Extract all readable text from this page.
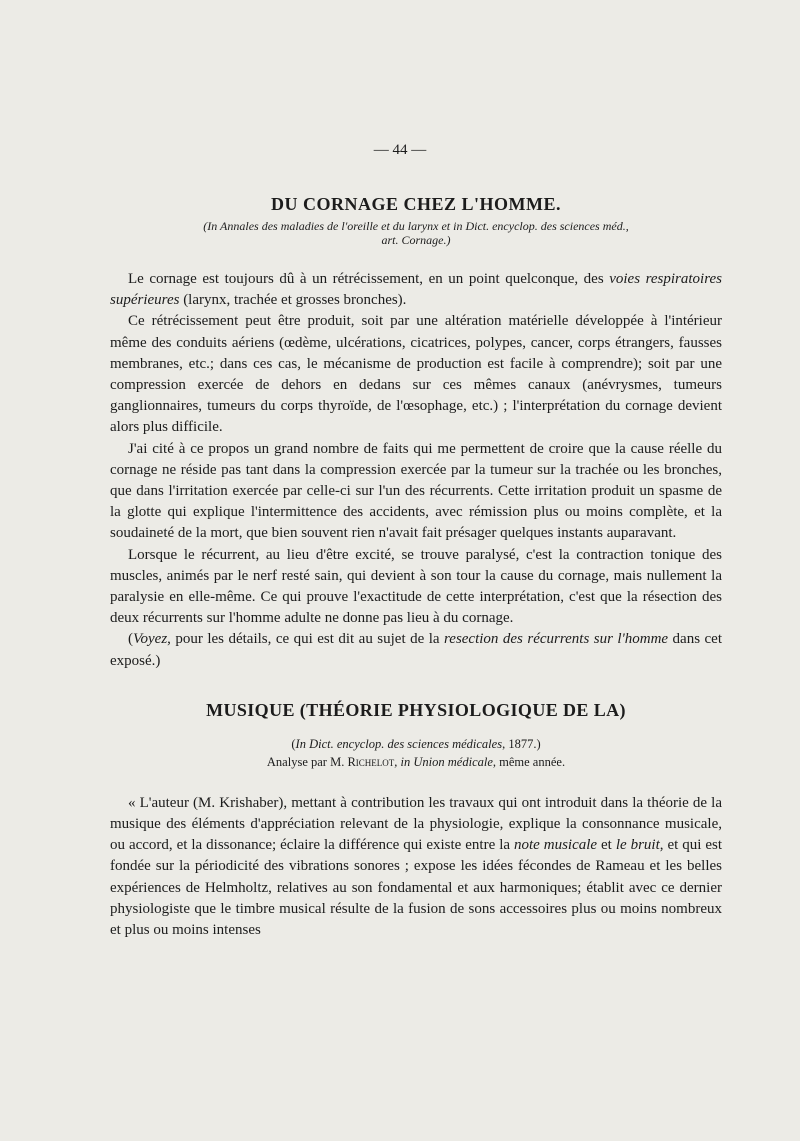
— 44 —
DU CORNAGE CHEZ L'HOMME.
(In Annales des maladies de l'oreille et du larynx et in Dict. encyclop. des sciences méd.,
art. Cornage.)

Le cornage est toujours dû à un rétrécissement, en un point quelconque, des voies respiratoires supérieures (larynx, trachée et grosses bronches).

Ce rétrécissement peut être produit, soit par une altération matérielle développée à l'intérieur même des conduits aériens (œdème, ulcérations, cicatrices, polypes, cancer, corps étrangers, fausses membranes, etc.; dans ces cas, le mécanisme de production est facile à comprendre); soit par une compression exercée de dehors en dedans sur ces mêmes canaux (anévrysmes, tumeurs ganglionnaires, tumeurs du corps thyroïde, de l'œsophage, etc.) ; l'interprétation du cornage devient alors plus difficile.

J'ai cité à ce propos un grand nombre de faits qui me permettent de croire que la cause réelle du cornage ne réside pas tant dans la compression exercée par la tumeur sur la trachée ou les bronches, que dans l'irritation exercée par celle-ci sur l'un des récurrents. Cette irritation produit un spasme de la glotte qui explique l'intermittence des accidents, avec rémission plus ou moins complète, et la soudaineté de la mort, que bien souvent rien n'avait fait présager quelques instants auparavant.

Lorsque le récurrent, au lieu d'être excité, se trouve paralysé, c'est la contraction tonique des muscles, animés par le nerf resté sain, qui devient à son tour la cause du cornage, mais nullement la paralysie en elle-même. Ce qui prouve l'exactitude de cette interprétation, c'est que la résection des deux récurrents sur l'homme adulte ne donne pas lieu à du cornage.

(Voyez, pour les détails, ce qui est dit au sujet de la resection des récurrents sur l'homme dans cet exposé.)

MUSIQUE (THÉORIE PHYSIOLOGIQUE DE LA)
(In Dict. encyclop. des sciences médicales, 1877.)
Analyse par M. Richelot, in Union médicale, même année.

« L'auteur (M. Krishaber), mettant à contribution les travaux qui ont introduit dans la théorie de la musique des éléments d'appréciation relevant de la physiologie, explique la consonnance musicale, ou accord, et la dissonance; éclaire la différence qui existe entre la note musicale et le bruit, et qui est fondée sur la périodicité des vibrations sonores ; expose les idées fécondes de Rameau et les belles expériences de Helmholtz, relatives au son fondamental et aux harmoniques; établit avec ce dernier physiologiste que le timbre musical résulte de la fusion de sons accessoires plus ou moins nombreux et plus ou moins intenses
